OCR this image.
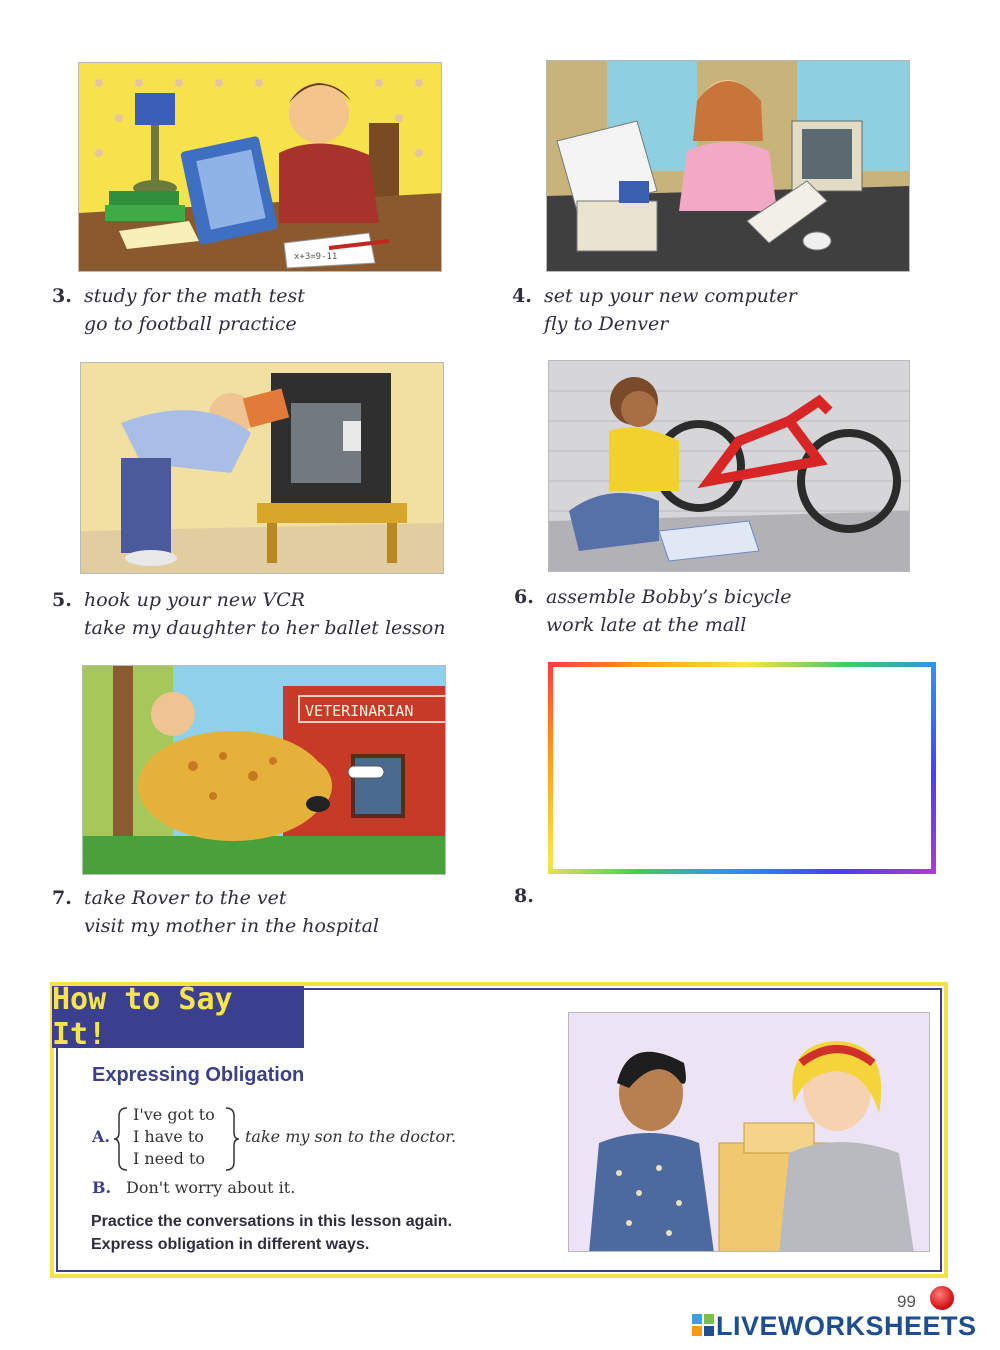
x+3=9-11
3. study for the math test
go to football practice
4. set up your new computer
fly to Denver
5. hook up your new VCR
take my daughter to her ballet lesson
6. assemble Bobby’s bicycle
work late at the mall
VETERINARIAN
7. take Rover to the vet
visit my mother in the hospital
8.
How to Say It!
Expressing Obligation
A.
I've got to
I have to
I need to
take my son to the doctor.
B. Don't worry about it.
Practice the conversations in this lesson again.
Express obligation in different ways.
99
LIVEWORKSHEETS
